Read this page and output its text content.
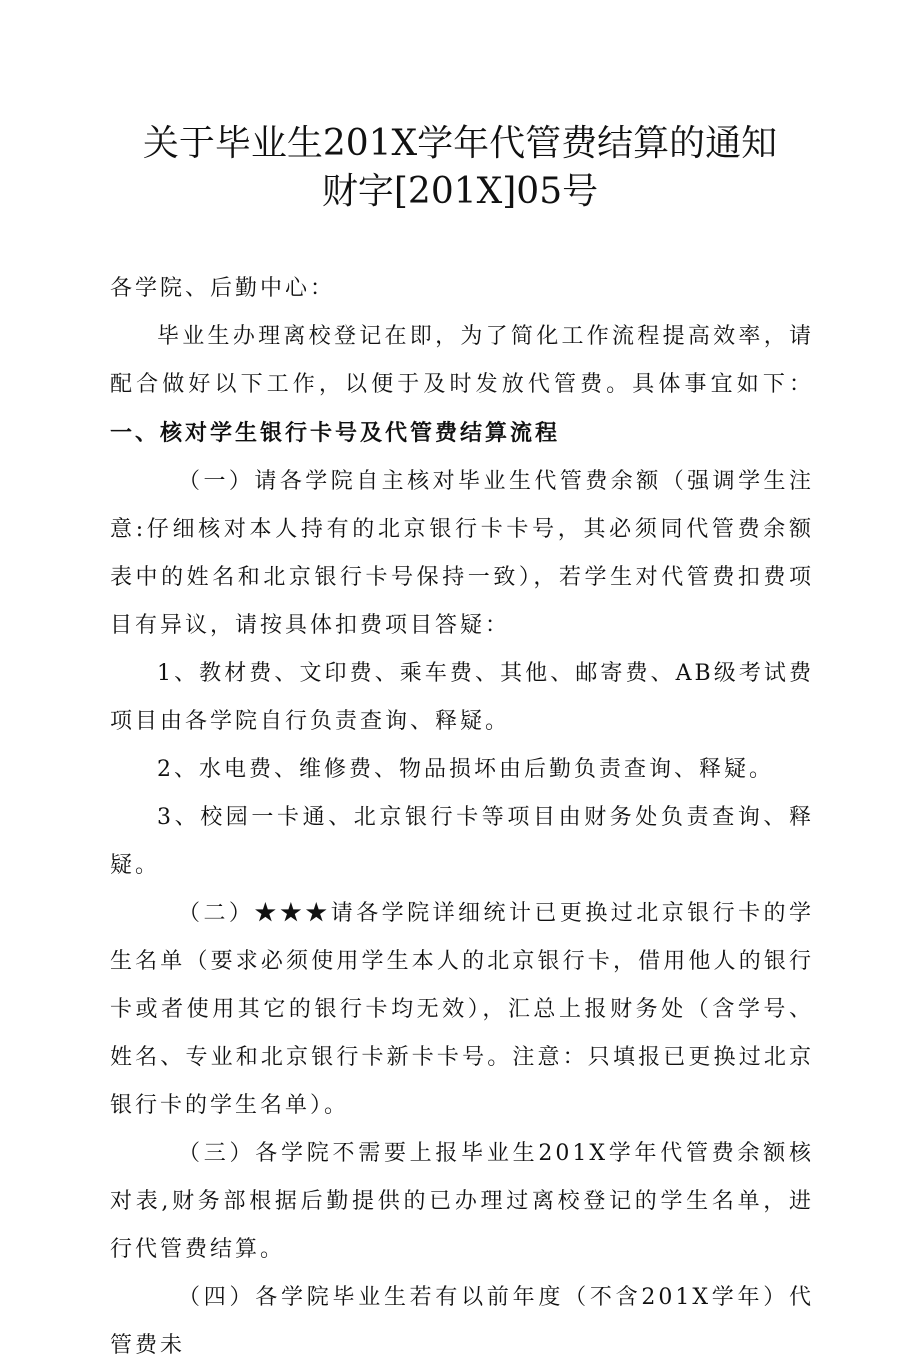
关于毕业生201X学年代管费结算的通知
财字[201X]05号

各学院、后勤中心：

毕业生办理离校登记在即，为了简化工作流程提高效率，请配合做好以下工作，以便于及时发放代管费。具体事宜如下：一、核对学生银行卡号及代管费结算流程

（一）请各学院自主核对毕业生代管费余额（强调学生注意:仔细核对本人持有的北京银行卡卡号，其必须同代管费余额表中的姓名和北京银行卡号保持一致），若学生对代管费扣费项目有异议，请按具体扣费项目答疑：

1、教材费、文印费、乘车费、其他、邮寄费、AB级考试费项目由各学院自行负责查询、释疑。

2、水电费、维修费、物品损坏由后勤负责查询、释疑。

3、校园一卡通、北京银行卡等项目由财务处负责查询、释疑。

（二）★★★请各学院详细统计已更换过北京银行卡的学生名单（要求必须使用学生本人的北京银行卡，借用他人的银行卡或者使用其它的银行卡均无效），汇总上报财务处（含学号、姓名、专业和北京银行卡新卡卡号。注意：只填报已更换过北京银行卡的学生名单）。

（三）各学院不需要上报毕业生201X学年代管费余额核对表,财务部根据后勤提供的已办理过离校登记的学生名单，进行代管费结算。

（四）各学院毕业生若有以前年度（不含201X学年）代管费未
